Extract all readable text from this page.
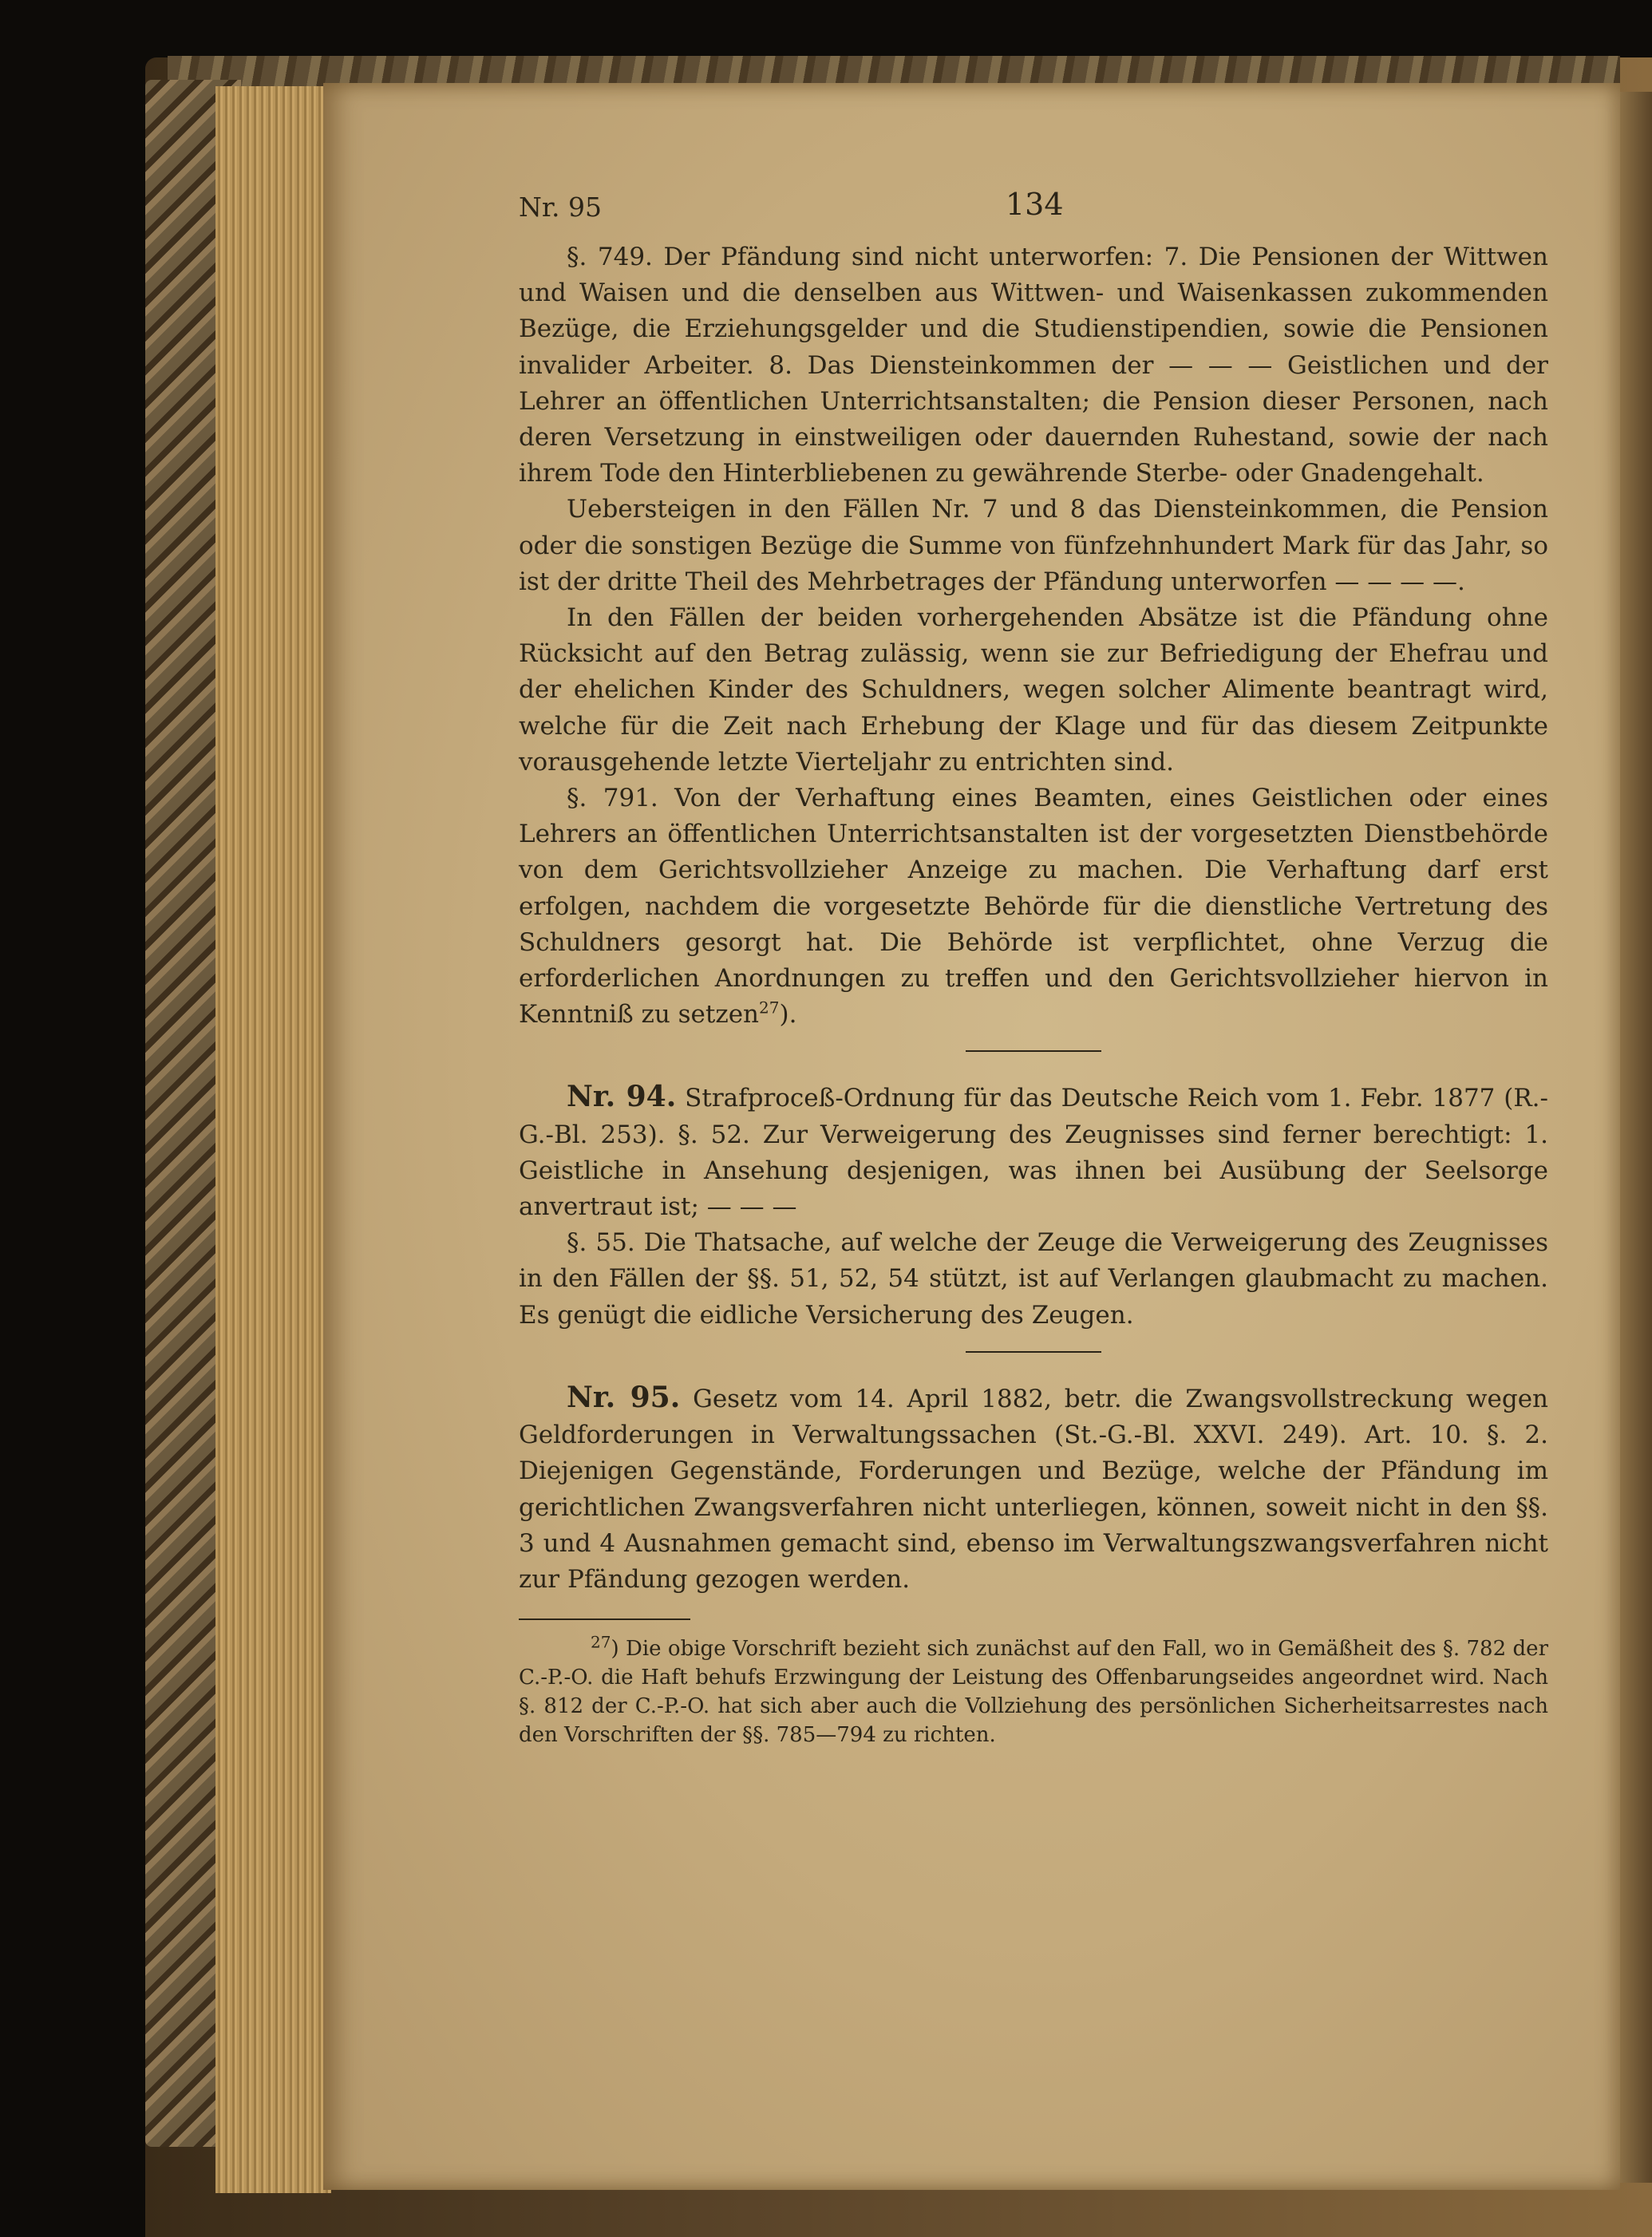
Nr. 95	134

§. 749. Der Pfändung sind nicht unterworfen: 7. Die Pensionen der Wittwen und Waisen und die denselben aus Wittwen- und Waisenkassen zukommenden Bezüge, die Erziehungsgelder und die Studienstipendien, sowie die Pensionen invalider Arbeiter. 8. Das Diensteinkommen der — — — Geistlichen und der Lehrer an öffentlichen Unterrichtsanstalten; die Pension dieser Personen, nach deren Versetzung in einstweiligen oder dauernden Ruhestand, sowie der nach ihrem Tode den Hinterbliebenen zu gewährende Sterbe- oder Gnadengehalt.

Uebersteigen in den Fällen Nr. 7 und 8 das Diensteinkommen, die Pension oder die sonstigen Bezüge die Summe von fünfzehnhundert Mark für das Jahr, so ist der dritte Theil des Mehrbetrages der Pfändung unterworfen — — — —.

In den Fällen der beiden vorhergehenden Absätze ist die Pfändung ohne Rücksicht auf den Betrag zulässig, wenn sie zur Befriedigung der Ehefrau und der ehelichen Kinder des Schuldners, wegen solcher Alimente beantragt wird, welche für die Zeit nach Erhebung der Klage und für das diesem Zeitpunkte vorausgehende letzte Vierteljahr zu entrichten sind.

§. 791. Von der Verhaftung eines Beamten, eines Geistlichen oder eines Lehrers an öffentlichen Unterrichtsanstalten ist der vorgesetzten Dienstbehörde von dem Gerichtsvollzieher Anzeige zu machen. Die Verhaftung darf erst erfolgen, nachdem die vorgesetzte Behörde für die dienstliche Vertretung des Schuldners gesorgt hat. Die Behörde ist verpflichtet, ohne Verzug die erforderlichen Anordnungen zu treffen und den Gerichtsvollzieher hiervon in Kenntniß zu setzen$^{27}$).

Nr. 94. Strafproceß-Ordnung für das Deutsche Reich vom 1. Febr. 1877 (R.-G.-Bl. 253). §. 52. Zur Verweigerung des Zeugnisses sind ferner berechtigt: 1. Geistliche in Ansehung desjenigen, was ihnen bei Ausübung der Seelsorge anvertraut ist; — — —

§. 55. Die Thatsache, auf welche der Zeuge die Verweigerung des Zeugnisses in den Fällen der §§. 51, 52, 54 stützt, ist auf Verlangen glaubmacht zu machen. Es genügt die eidliche Versicherung des Zeugen.

Nr. 95. Gesetz vom 14. April 1882, betr. die Zwangsvollstreckung wegen Geldforderungen in Verwaltungssachen (St.-G.-Bl. XXVI. 249). Art. 10. §. 2. Diejenigen Gegenstände, Forderungen und Bezüge, welche der Pfändung im gerichtlichen Zwangsverfahren nicht unterliegen, können, soweit nicht in den §§. 3 und 4 Ausnahmen gemacht sind, ebenso im Verwaltungszwangsverfahren nicht zur Pfändung gezogen werden.

$^{27}$) Die obige Vorschrift bezieht sich zunächst auf den Fall, wo in Gemäßheit des §. 782 der C.-P.-O. die Haft behufs Erzwingung der Leistung des Offenbarungseides angeordnet wird. Nach §. 812 der C.-P.-O. hat sich aber auch die Vollziehung des persönlichen Sicherheitsarrestes nach den Vorschriften der §§. 785—794 zu richten.
